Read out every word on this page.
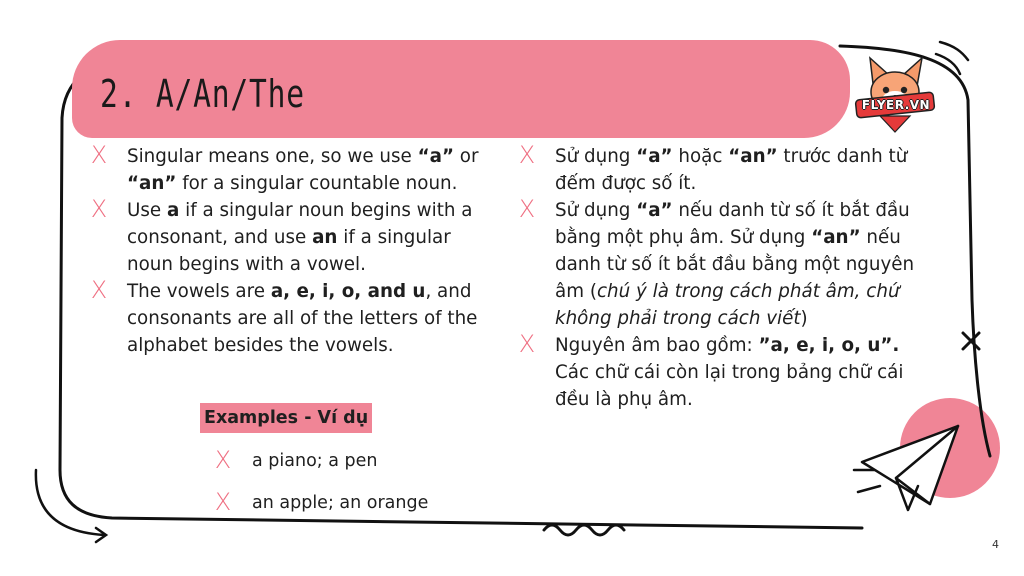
2. A/An/The	FLYER.VN
X Singular means one, so we use “a” or “an” for a singular countable noun.
X Use a if a singular noun begins with a consonant, and use an if a singular noun begins with a vowel.
X The vowels are a, e, i, o, and u, and consonants are all of the letters of the alphabet besides the vowels.
X Sử dụng “a” hoặc “an” trước danh từ đếm được số ít.
X Sử dụng “a” nếu danh từ số ít bắt đầu bằng một phụ âm. Sử dụng “an” nếu danh từ số ít bắt đầu bằng một nguyên âm (chú ý là trong cách phát âm, chứ không phải trong cách viết)
X Nguyên âm bao gồm: ”a, e, i, o, u”. Các chữ cái còn lại trong bảng chữ cái đều là phụ âm.
Examples - Ví dụ
X a piano; a pen
X an apple; an orange
4
